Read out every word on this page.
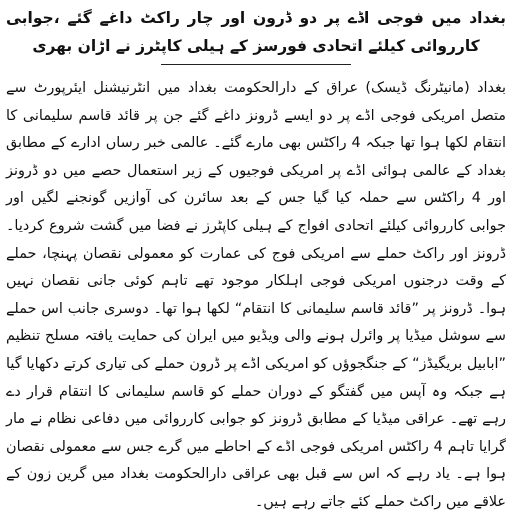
بغداد میں فوجی اڈے پر دو ڈرون اور چار راکٹ داغے گئے ،جوابی کارروائی کیلئے اتحادی فورسز کے ہیلی کاپٹرز نے اڑان بھری

بغداد (مانیٹرنگ ڈیسک) عراق کے دارالحکومت بغداد میں انٹرنیشنل ایئرپورٹ سے متصل امریکی فوجی اڈے پر دو ایسے ڈرونز داغے گئے جن پر قائد قاسم سلیمانی کا انتقام لکھا ہوا تھا جبکہ 4 راکٹس بھی مارے گئے۔ عالمی خبر رساں ادارے کے مطابق بغداد کے عالمی ہوائی اڈے پر امریکی فوجیوں کے زیر استعمال حصے میں دو ڈرونز اور 4 راکٹس سے حملہ کیا گیا جس کے بعد سائرن کی آوازیں گونجنے لگیں اور جوابی کارروائی کیلئے اتحادی افواج کے ہیلی کاپٹرز نے فضا میں گشت شروع کردیا۔ ڈرونز اور راکٹ حملے سے امریکی فوج کی عمارت کو معمولی نقصان پہنچا، حملے کے وقت درجنوں امریکی فوجی اہلکار موجود تھے تاہم کوئی جانی نقصان نہیں ہوا۔ ڈرونز پر ”قائد قاسم سلیمانی کا انتقام“ لکھا ہوا تھا۔ دوسری جانب اس حملے سے سوشل میڈیا پر وائرل ہونے والی ویڈیو میں ایران کی حمایت یافتہ مسلح تنظیم ”ابابیل بریگیڈز“ کے جنگجوؤں کو امریکی اڈے پر ڈرون حملے کی تیاری کرتے دکھایا گیا ہے جبکہ وہ آپس میں گفتگو کے دوران حملے کو قاسم سلیمانی کا انتقام قرار دے رہے تھے۔ عراقی میڈیا کے مطابق ڈرونز کو جوابی کارروائی میں دفاعی نظام نے مار گرایا تاہم 4 راکٹس امریکی فوجی اڈے کے احاطے میں گرے جس سے معمولی نقصان ہوا ہے۔ یاد رہے کہ اس سے قبل بھی عراقی دارالحکومت بغداد میں گرین زون کے علاقے میں راکٹ حملے کئے جاتے رہے ہیں۔
